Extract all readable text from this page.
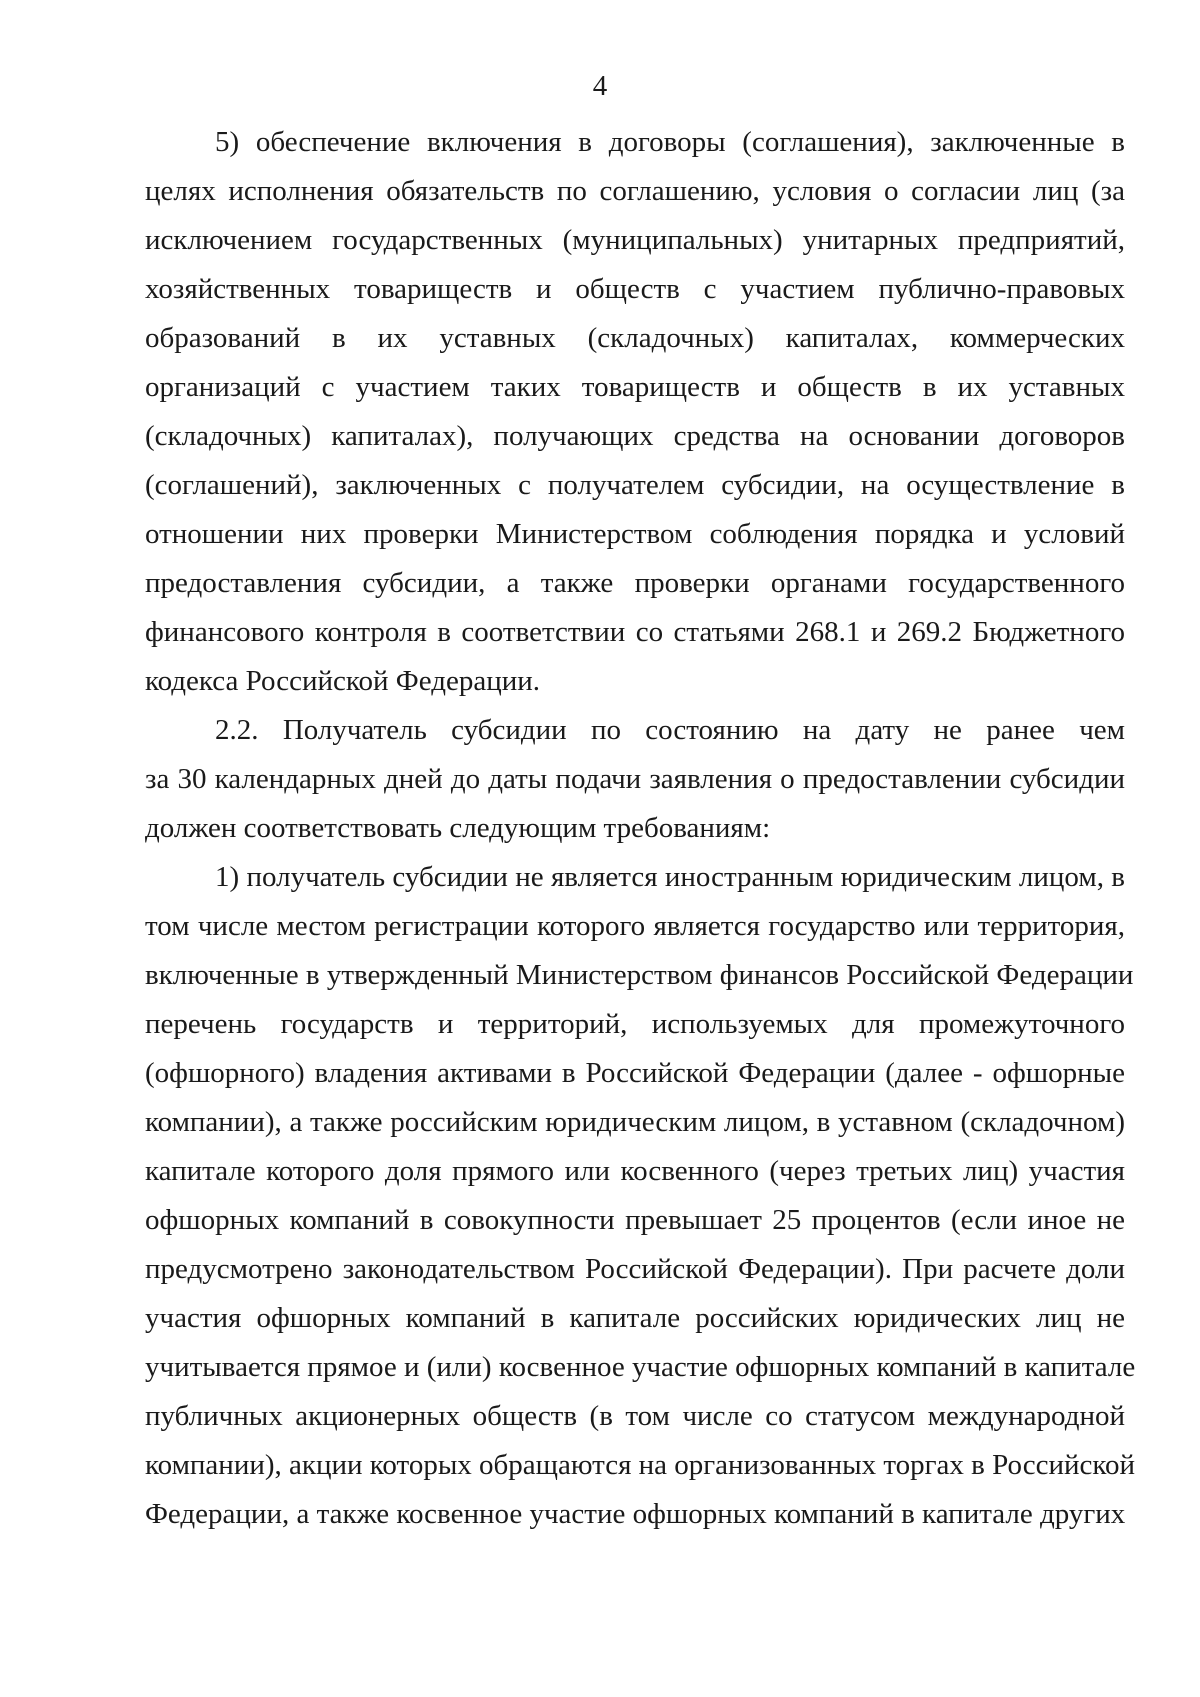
4
5) обеспечение включения в договоры (соглашения), заключенные в
целях исполнения обязательств по соглашению, условия о согласии лиц (за
исключением государственных (муниципальных) унитарных предприятий,
хозяйственных товариществ и обществ с участием публично-правовых
образований в их уставных (складочных) капиталах, коммерческих
организаций с участием таких товариществ и обществ в их уставных
(складочных) капиталах), получающих средства на основании договоров
(соглашений), заключенных с получателем субсидии, на осуществление в
отношении них проверки Министерством соблюдения порядка и условий
предоставления субсидии, а также проверки органами государственного
финансового контроля в соответствии со статьями 268.1 и 269.2 Бюджетного
кодекса Российской Федерации.
2.2. Получатель субсидии по состоянию на дату не ранее чем
за 30 календарных дней до даты подачи заявления о предоставлении субсидии
должен соответствовать следующим требованиям:
1) получатель субсидии не является иностранным юридическим лицом, в
том числе местом регистрации которого является государство или территория,
включенные в утвержденный Министерством финансов Российской Федерации
перечень государств и территорий, используемых для промежуточного
(офшорного) владения активами в Российской Федерации (далее - офшорные
компании), а также российским юридическим лицом, в уставном (складочном)
капитале которого доля прямого или косвенного (через третьих лиц) участия
офшорных компаний в совокупности превышает 25 процентов (если иное не
предусмотрено законодательством Российской Федерации). При расчете доли
участия офшорных компаний в капитале российских юридических лиц не
учитывается прямое и (или) косвенное участие офшорных компаний в капитале
публичных акционерных обществ (в том числе со статусом международной
компании), акции которых обращаются на организованных торгах в Российской
Федерации, а также косвенное участие офшорных компаний в капитале других
